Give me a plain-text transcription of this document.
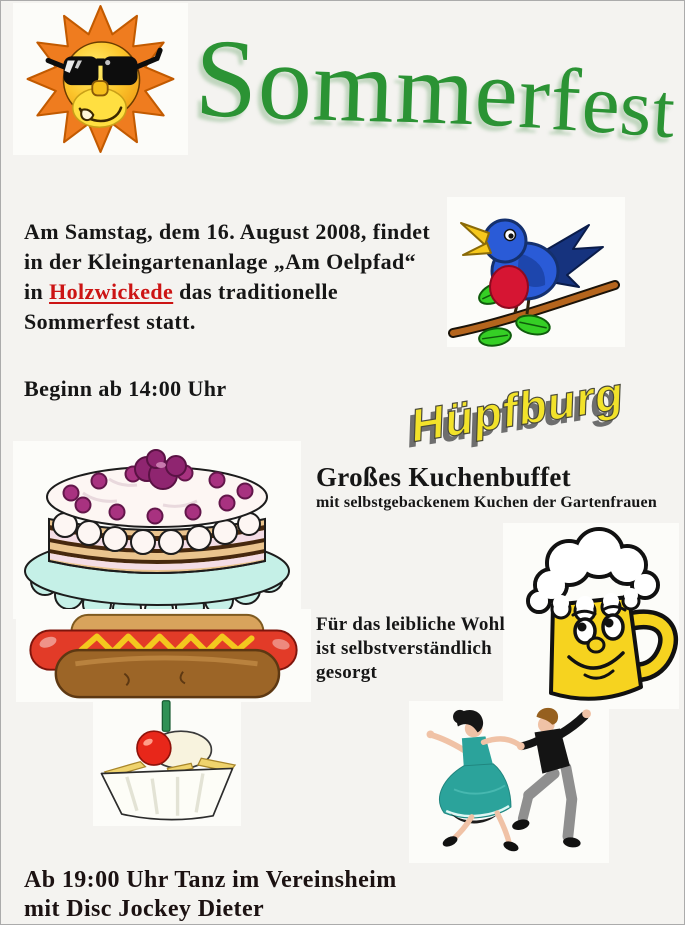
Sommerfest
Am Samstag, dem 16. August 2008, findet
in der Kleingartenanlage „Am Oelpfad“
in Holzwickede das traditionelle
Sommerfest statt.
Beginn ab 14:00 Uhr	Hüpfburg
Großes Kuchenbuffet
mit selbstgebackenem Kuchen der Gartenfrauen
Für das leibliche Wohl
ist selbstverständlich
gesorgt
Ab 19:00 Uhr Tanz im Vereinsheim
mit Disc Jockey Dieter
